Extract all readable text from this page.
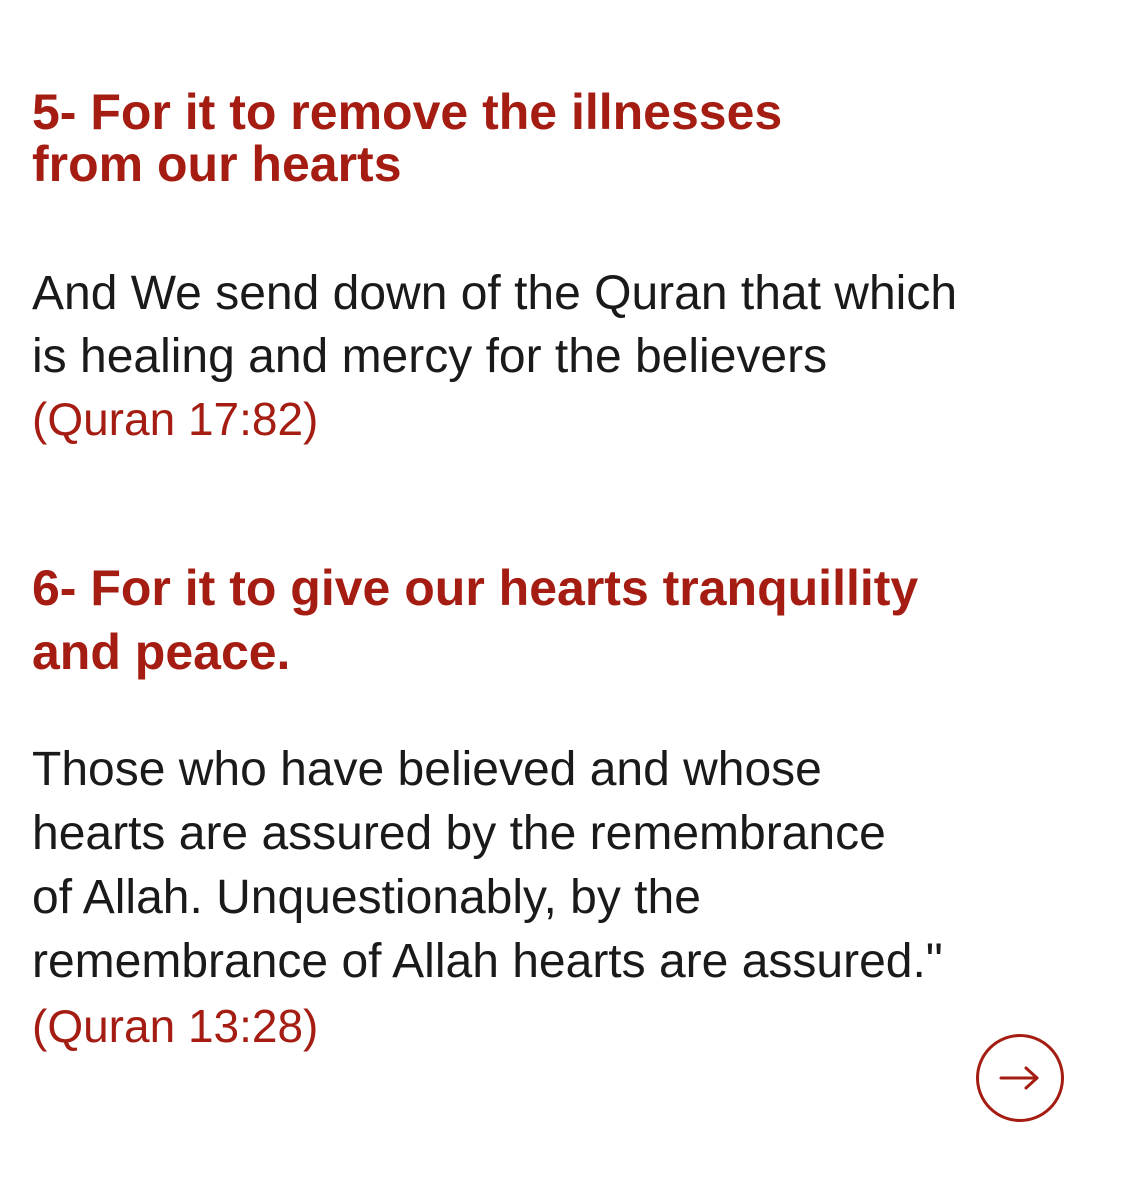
5- For it to remove the illnesses
from our hearts

And We send down of the Quran that which
is healing and mercy for the believers
(Quran 17:82)

6- For it to give our hearts tranquillity
and peace.

Those who have believed and whose
hearts are assured by the remembrance
of Allah. Unquestionably, by the
remembrance of Allah hearts are assured."
(Quran 13:28)
